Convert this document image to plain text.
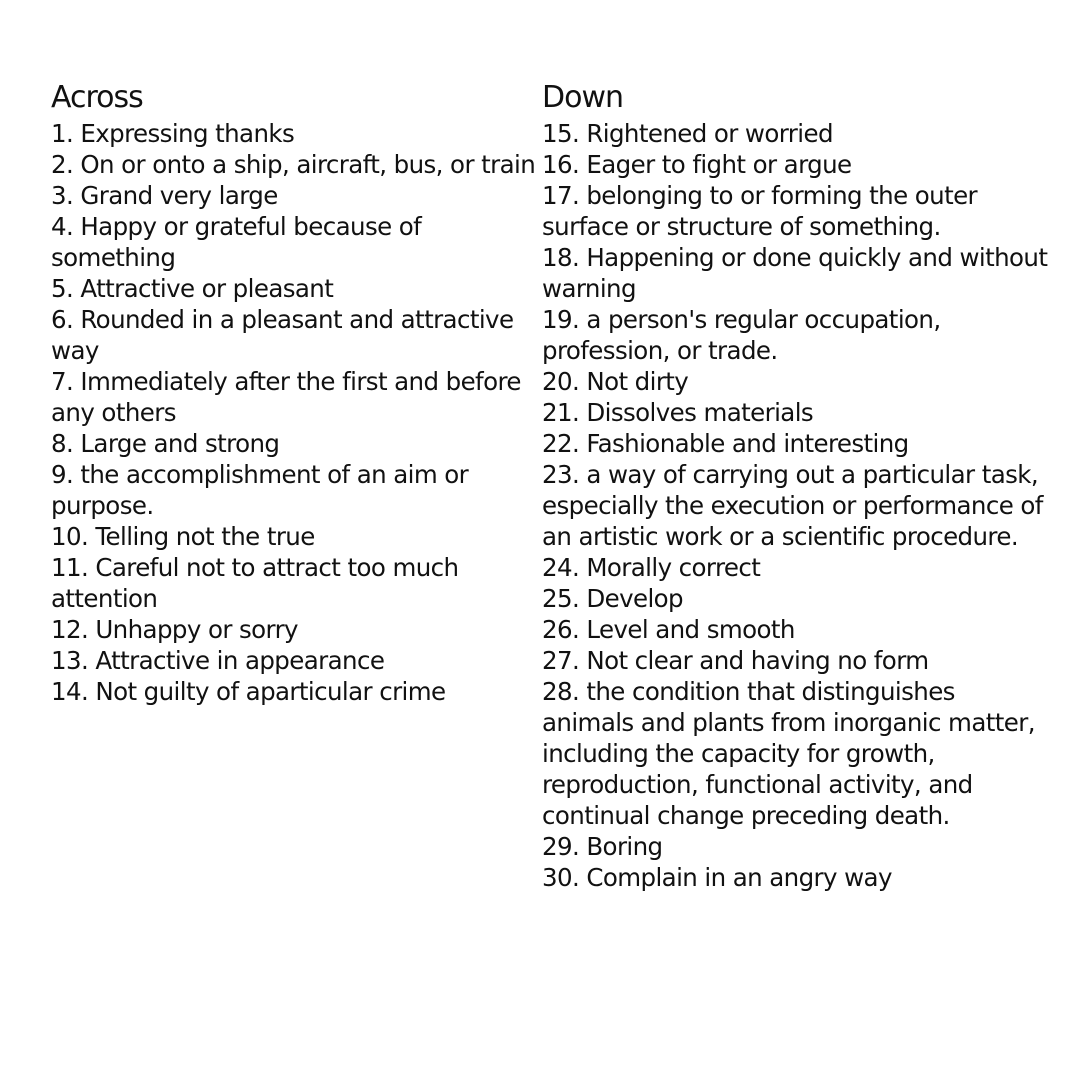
Across
1. Expressing thanks
2. On or onto a ship, aircraft, bus, or train
3. Grand very large
4. Happy or grateful because of something
5. Attractive or pleasant
6. Rounded in a pleasant and attractive way
7. Immediately after the first and before any others
8. Large and strong
9. the accomplishment of an aim or purpose.
10. Telling not the true
11. Careful not to attract too much attention
12. Unhappy or sorry
13. Attractive in appearance
14. Not guilty of aparticular crime
Down
15. Rightened or worried
16. Eager to fight or argue
17. belonging to or forming the outer surface or structure of something.
18. Happening or done quickly and without warning
19. a person's regular occupation, profession, or trade.
20. Not dirty
21. Dissolves materials
22. Fashionable and interesting
23. a way of carrying out a particular task, especially the execution or performance of an artistic work or a scientific procedure.
24. Morally correct
25. Develop
26. Level and smooth
27. Not clear and having no form
28. the condition that distinguishes animals and plants from inorganic matter, including the capacity for growth, reproduction, functional activity, and continual change preceding death.
29. Boring
30. Complain in an angry way
